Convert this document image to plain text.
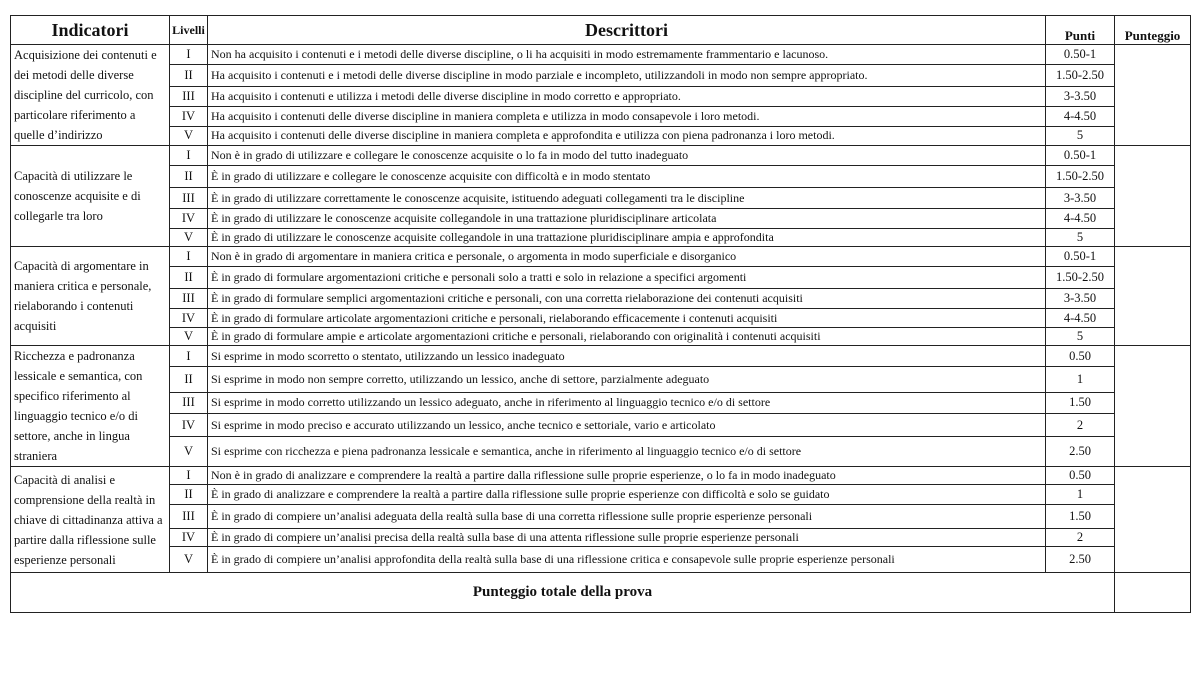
Indicatori	Livelli	Descrittori	Punti	Punteggio
Acquisizione dei contenuti e dei metodi delle diverse discipline del curricolo, con particolare riferimento a quelle d’indirizzo	I	Non ha acquisito i contenuti e i metodi delle diverse discipline, o li ha acquisiti in modo estremamente frammentario e lacunoso.	0.50-1	
	II	Ha acquisito i contenuti e i metodi delle diverse discipline in modo parziale e incompleto, utilizzandoli in modo non sempre appropriato.	1.50-2.50	
	III	Ha acquisito i contenuti e utilizza i metodi delle diverse discipline in modo corretto e appropriato.	3-3.50	
	IV	Ha acquisito i contenuti delle diverse discipline in maniera completa e utilizza in modo consapevole i loro metodi.	4-4.50	
	V	Ha acquisito i contenuti delle diverse discipline in maniera completa e approfondita e utilizza con piena padronanza i loro metodi.	5	
Capacità di utilizzare le conoscenze acquisite e di collegarle tra loro	I	Non è in grado di utilizzare e collegare le conoscenze acquisite o lo fa in modo del tutto inadeguato	0.50-1	
	II	È in grado di utilizzare e collegare le conoscenze acquisite con difficoltà e in modo stentato	1.50-2.50	
	III	È in grado di utilizzare correttamente le conoscenze acquisite, istituendo adeguati collegamenti tra le discipline	3-3.50	
	IV	È in grado di utilizzare le conoscenze acquisite collegandole in una trattazione pluridisciplinare articolata	4-4.50	
	V	È in grado di utilizzare le conoscenze acquisite collegandole in una trattazione pluridisciplinare ampia e approfondita	5	
Capacità di argomentare in maniera critica e personale, rielaborando i contenuti acquisiti	I	Non è in grado di argomentare in maniera critica e personale, o argomenta in modo superficiale e disorganico	0.50-1	
	II	È in grado di formulare argomentazioni critiche e personali solo a tratti e solo in relazione a specifici argomenti	1.50-2.50	
	III	È in grado di formulare semplici argomentazioni critiche e personali, con una corretta rielaborazione dei contenuti acquisiti	3-3.50	
	IV	È in grado di formulare articolate argomentazioni critiche e personali, rielaborando efficacemente i contenuti acquisiti	4-4.50	
	V	È in grado di formulare ampie e articolate argomentazioni critiche e personali, rielaborando con originalità i contenuti acquisiti	5	
Ricchezza e padronanza lessicale e semantica, con specifico riferimento al linguaggio tecnico e/o di settore, anche in lingua straniera	I	Si esprime in modo scorretto o stentato, utilizzando un lessico inadeguato	0.50	
	II	Si esprime in modo non sempre corretto, utilizzando un lessico, anche di settore, parzialmente adeguato	1	
	III	Si esprime in modo corretto utilizzando un lessico adeguato, anche in riferimento al linguaggio tecnico e/o di settore	1.50	
	IV	Si esprime in modo preciso e accurato utilizzando un lessico, anche tecnico e settoriale, vario e articolato	2	
	V	Si esprime con ricchezza e piena padronanza lessicale e semantica, anche in riferimento al linguaggio tecnico e/o di settore	2.50	
Capacità di analisi e comprensione della realtà in chiave di cittadinanza attiva a partire dalla riflessione sulle esperienze personali	I	Non è in grado di analizzare e comprendere la realtà a partire dalla riflessione sulle proprie esperienze, o lo fa in modo inadeguato	0.50	
	II	È in grado di analizzare e comprendere la realtà a partire dalla riflessione sulle proprie esperienze con difficoltà e solo se guidato	1	
	III	È in grado di compiere un’analisi adeguata della realtà sulla base di una corretta riflessione sulle proprie esperienze personali	1.50	
	IV	È in grado di compiere un’analisi precisa della realtà sulla base di una attenta riflessione sulle proprie esperienze personali	2	
	V	È in grado di compiere un’analisi approfondita della realtà sulla base di una riflessione critica e consapevole sulle proprie esperienze personali	2.50	
Punteggio totale della prova				
